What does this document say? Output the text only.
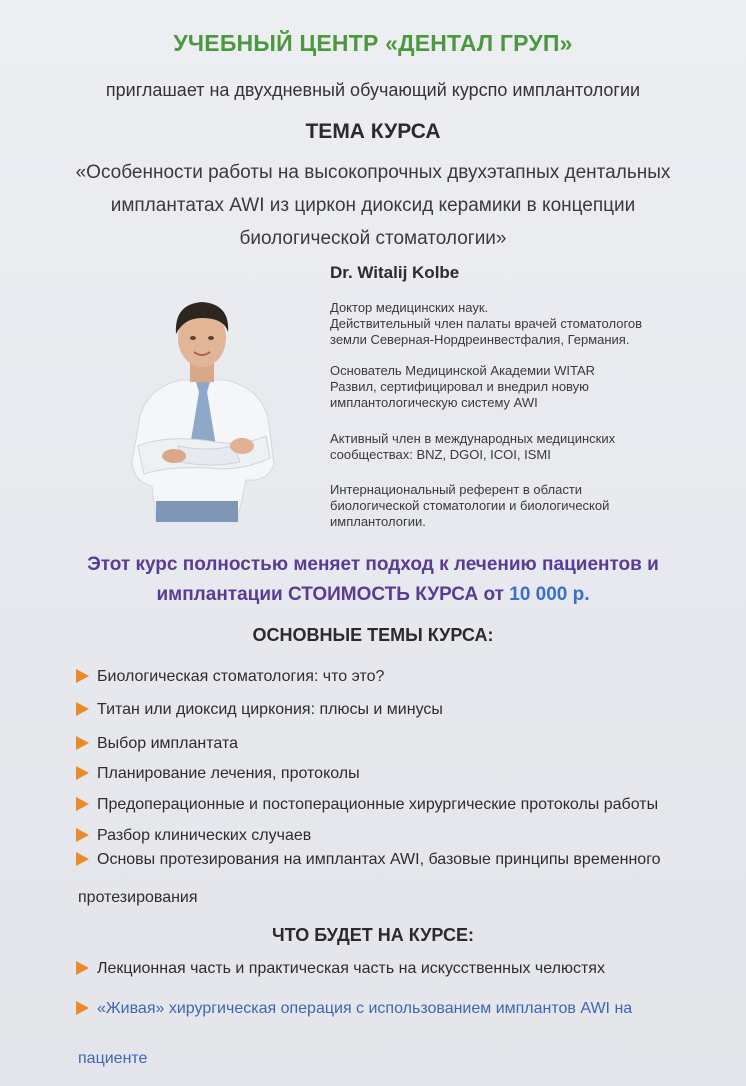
УЧЕБНЫЙ ЦЕНТР «ДЕНТАЛ ГРУП»
приглашает на двухдневный обучающий курспо имплантологии
ТЕМА КУРСА
«Особенности работы на высокопрочных двухэтапных дентальных
имплантатах AWI из циркон диоксид керамики в концепции
биологической стоматологии»
Dr. Witalij Kolbe
Доктор медицинских наук.
Действительный член палаты врачей стоматологов
земли Северная-Нордреинвестфалия, Германия.
Основатель Медицинской Академии WITAR
Развил, сертифицировал и внедрил новую
имплантологическую систему AWI
Активный член в международных медицинских
сообществах: BNZ, DGOI, ICOI, ISMI
Интернациональный референт в области
биологической стоматологии и биологической
имплантологии.
Этот курс полностью меняет подход к лечению пациентов и
имплантации СТОИМОСТЬ КУРСА от 10 000 р.
ОСНОВНЫЕ ТЕМЫ КУРСА:
Биологическая стоматология: что это?
Титан или диоксид циркония: плюсы и минусы
Выбор имплантата
Планирование лечения, протоколы
Предоперационные и постоперационные хирургические протоколы работы
Разбор клинических случаев
Основы протезирования на имплантах AWI, базовые принципы временного
протезирования
ЧТО БУДЕТ НА КУРСЕ:
Лекционная часть и практическая часть на искусственных челюстях
«Живая» хирургическая операция с использованием имплантов AWI на
пациенте
